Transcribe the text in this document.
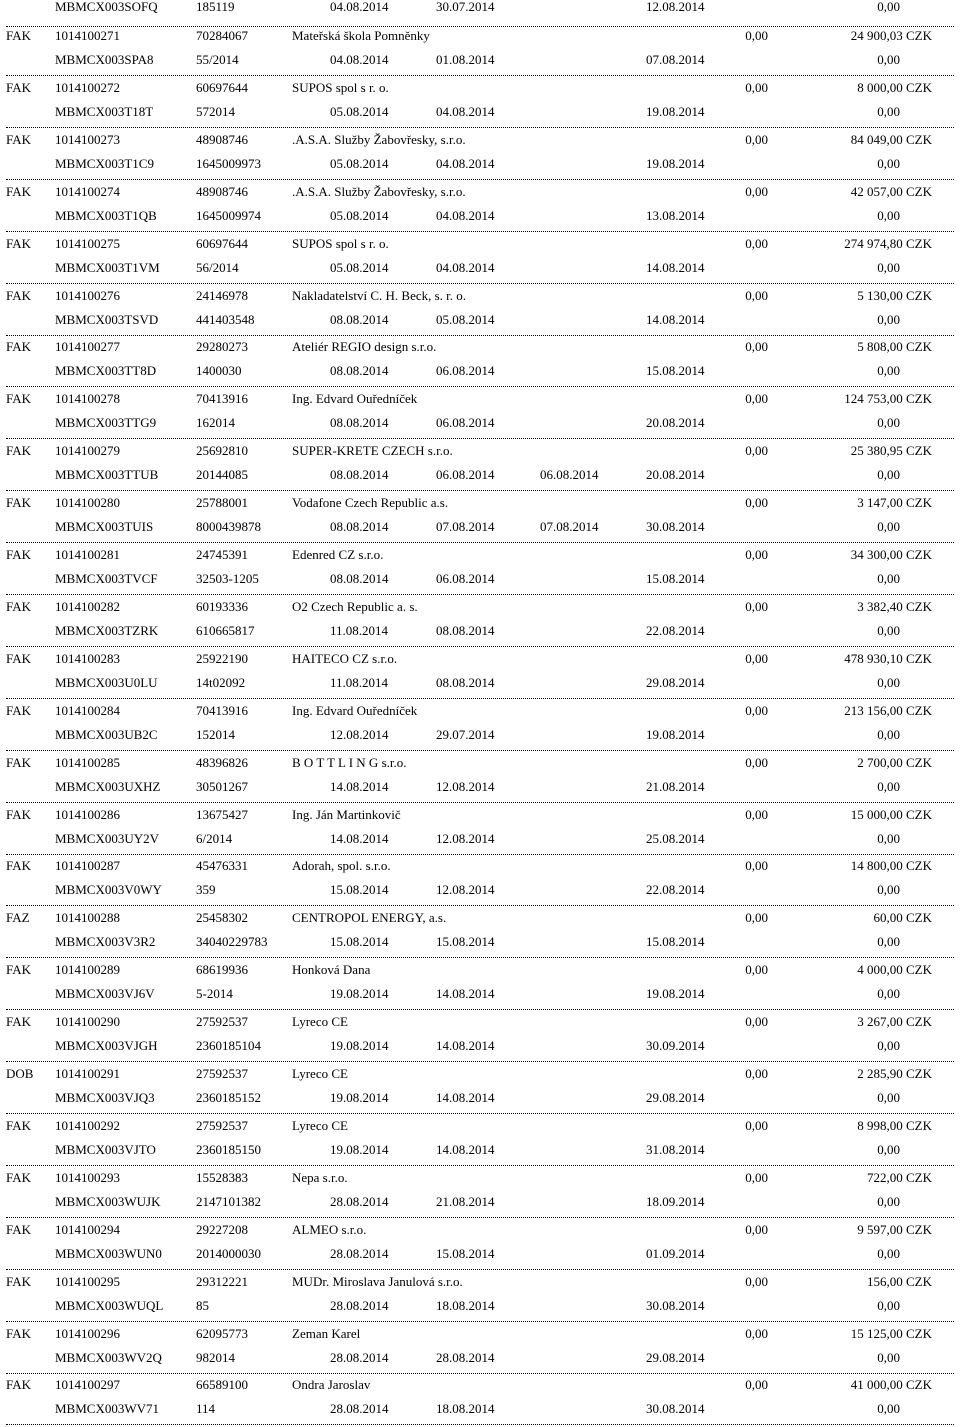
MBMCX003SOFQ	185119	04.08.2014	30.07.2014	12.08.2014	0,00
FAK 1014100271	70284067	Mateřská škola Pomněnky	0,00	24 900,03 CZK
MBMCX003SPA8	55/2014	04.08.2014	01.08.2014	07.08.2014	0,00
FAK 1014100272	60697644	SUPOS spol s r. o.	0,00	8 000,00 CZK
MBMCX003T18T	572014	05.08.2014	04.08.2014	19.08.2014	0,00
FAK 1014100273	48908746	.A.S.A. Služby Žabovřesky, s.r.o.	0,00	84 049,00 CZK
MBMCX003T1C9	1645009973	05.08.2014	04.08.2014	19.08.2014	0,00
FAK 1014100274	48908746	.A.S.A. Služby Žabovřesky, s.r.o.	0,00	42 057,00 CZK
MBMCX003T1QB	1645009974	05.08.2014	04.08.2014	13.08.2014	0,00
FAK 1014100275	60697644	SUPOS spol s r. o.	0,00	274 974,80 CZK
MBMCX003T1VM	56/2014	05.08.2014	04.08.2014	14.08.2014	0,00
FAK 1014100276	24146978	Nakladatelství C. H. Beck, s. r. o.	0,00	5 130,00 CZK
MBMCX003TSVD	441403548	08.08.2014	05.08.2014	14.08.2014	0,00
FAK 1014100277	29280273	Ateliér REGIO design s.r.o.	0,00	5 808,00 CZK
MBMCX003TT8D	1400030	08.08.2014	06.08.2014	15.08.2014	0,00
FAK 1014100278	70413916	Ing. Edvard Ouředníček	0,00	124 753,00 CZK
MBMCX003TTG9	162014	08.08.2014	06.08.2014	20.08.2014	0,00
FAK 1014100279	25692810	SUPER-KRETE CZECH s.r.o.	0,00	25 380,95 CZK
MBMCX003TTUB	20144085	08.08.2014	06.08.2014	06.08.2014	20.08.2014	0,00
FAK 1014100280	25788001	Vodafone Czech Republic a.s.	0,00	3 147,00 CZK
MBMCX003TUIS	8000439878	08.08.2014	07.08.2014	07.08.2014	30.08.2014	0,00
FAK 1014100281	24745391	Edenred CZ s.r.o.	0,00	34 300,00 CZK
MBMCX003TVCF	32503-1205	08.08.2014	06.08.2014	15.08.2014	0,00
FAK 1014100282	60193336	O2 Czech Republic a. s.	0,00	3 382,40 CZK
MBMCX003TZRK	610665817	11.08.2014	08.08.2014	22.08.2014	0,00
FAK 1014100283	25922190	HAITECO CZ s.r.o.	0,00	478 930,10 CZK
MBMCX003U0LU	14t02092	11.08.2014	08.08.2014	29.08.2014	0,00
FAK 1014100284	70413916	Ing. Edvard Ouředníček	0,00	213 156,00 CZK
MBMCX003UB2C	152014	12.08.2014	29.07.2014	19.08.2014	0,00
FAK 1014100285	48396826	B O T T L I N G s.r.o.	0,00	2 700,00 CZK
MBMCX003UXHZ	30501267	14.08.2014	12.08.2014	21.08.2014	0,00
FAK 1014100286	13675427	Ing. Ján Martinkovič	0,00	15 000,00 CZK
MBMCX003UY2V	6/2014	14.08.2014	12.08.2014	25.08.2014	0,00
FAK 1014100287	45476331	Adorah, spol. s.r.o.	0,00	14 800,00 CZK
MBMCX003V0WY	359	15.08.2014	12.08.2014	22.08.2014	0,00
FAZ 1014100288	25458302	CENTROPOL ENERGY, a.s.	0,00	60,00 CZK
MBMCX003V3R2	34040229783	15.08.2014	15.08.2014	15.08.2014	0,00
FAK 1014100289	68619936	Honková Dana	0,00	4 000,00 CZK
MBMCX003VJ6V	5-2014	19.08.2014	14.08.2014	19.08.2014	0,00
FAK 1014100290	27592537	Lyreco CE	0,00	3 267,00 CZK
MBMCX003VJGH	2360185104	19.08.2014	14.08.2014	30.09.2014	0,00
DOB 1014100291	27592537	Lyreco CE	0,00	2 285,90 CZK
MBMCX003VJQ3	2360185152	19.08.2014	14.08.2014	29.08.2014	0,00
FAK 1014100292	27592537	Lyreco CE	0,00	8 998,00 CZK
MBMCX003VJTO	2360185150	19.08.2014	14.08.2014	31.08.2014	0,00
FAK 1014100293	15528383	Nepa s.r.o.	0,00	722,00 CZK
MBMCX003WUJK	2147101382	28.08.2014	21.08.2014	18.09.2014	0,00
FAK 1014100294	29227208	ALMEO s.r.o.	0,00	9 597,00 CZK
MBMCX003WUN0	2014000030	28.08.2014	15.08.2014	01.09.2014	0,00
FAK 1014100295	29312221	MUDr. Miroslava Janulová s.r.o.	0,00	156,00 CZK
MBMCX003WUQL	85	28.08.2014	18.08.2014	30.08.2014	0,00
FAK 1014100296	62095773	Zeman Karel	0,00	15 125,00 CZK
MBMCX003WV2Q	982014	28.08.2014	28.08.2014	29.08.2014	0,00
FAK 1014100297	66589100	Ondra Jaroslav	0,00	41 000,00 CZK
MBMCX003WV71	114	28.08.2014	18.08.2014	30.08.2014	0,00
